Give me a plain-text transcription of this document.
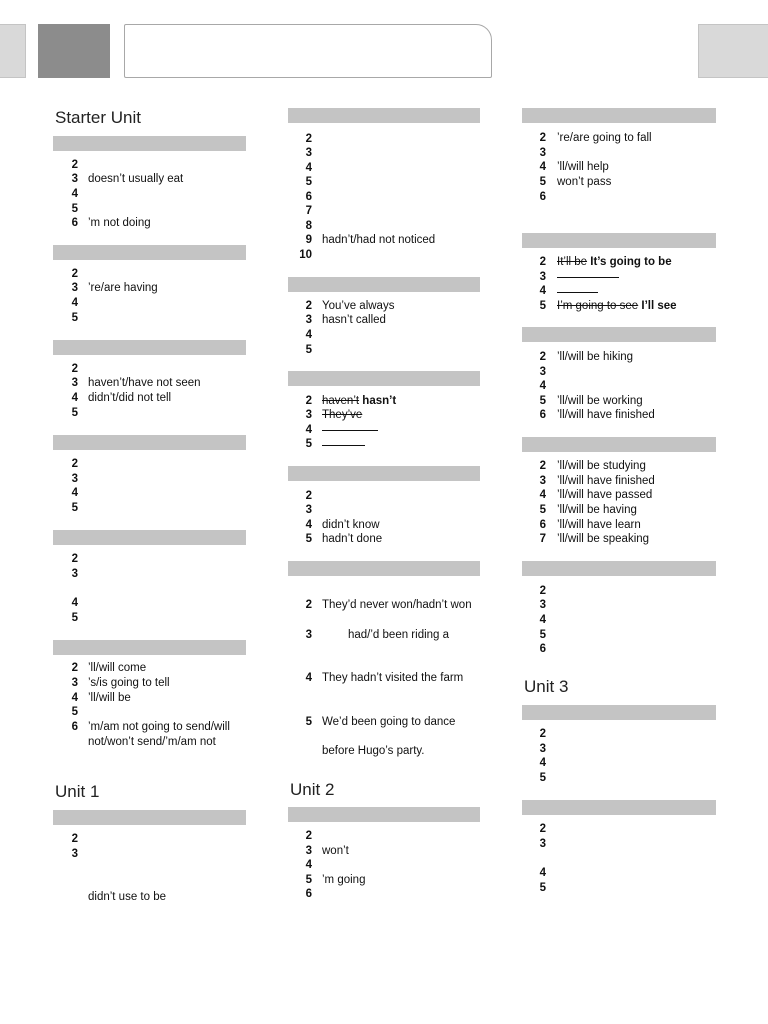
Starter Unit
2
3 doesn’t usually eat
4
5
6 ’m not doing
2
3 ’re/are having
4
5
2
3 haven’t/have not seen
4 didn’t/did not tell
5
2
3
4
5
2
3
4
5
2 ’ll/will come
3 ’s/is going to tell
4 ’ll/will be
5
6 ’m/am not going to send/will
not/won’t send/’m/am not
Unit 1
2
3
didn’t use to be
2
3
4
5
6
7
8
9 hadn’t/had not noticed
10
2 You’ve always
3 hasn’t called
4
5
2 haven’t hasn’t
3 They’ve
4
5
2
3
4 didn’t know
5 hadn’t done
2 They’d never won/hadn’t won
3	had/’d been riding a
4 They hadn’t visited the farm
5 We’d been going to dance
before Hugo’s party.
Unit 2
2
3 won’t
4
5 ’m going
6
2 ’re/are going to fall
3
4 ’ll/will help
5 won’t pass
6
2 It’ll be It’s going to be
3
4
5 I’m going to see I’ll see
2 ’ll/will be hiking
3
4
5 ’ll/will be working
6 ’ll/will have finished
2 ’ll/will be studying
3 ’ll/will have finished
4 ’ll/will have passed
5 ’ll/will be having
6 ’ll/will have learn
7 ’ll/will be speaking
2
3
4
5
6
Unit 3
2
3
4
5
2
3
4
5
